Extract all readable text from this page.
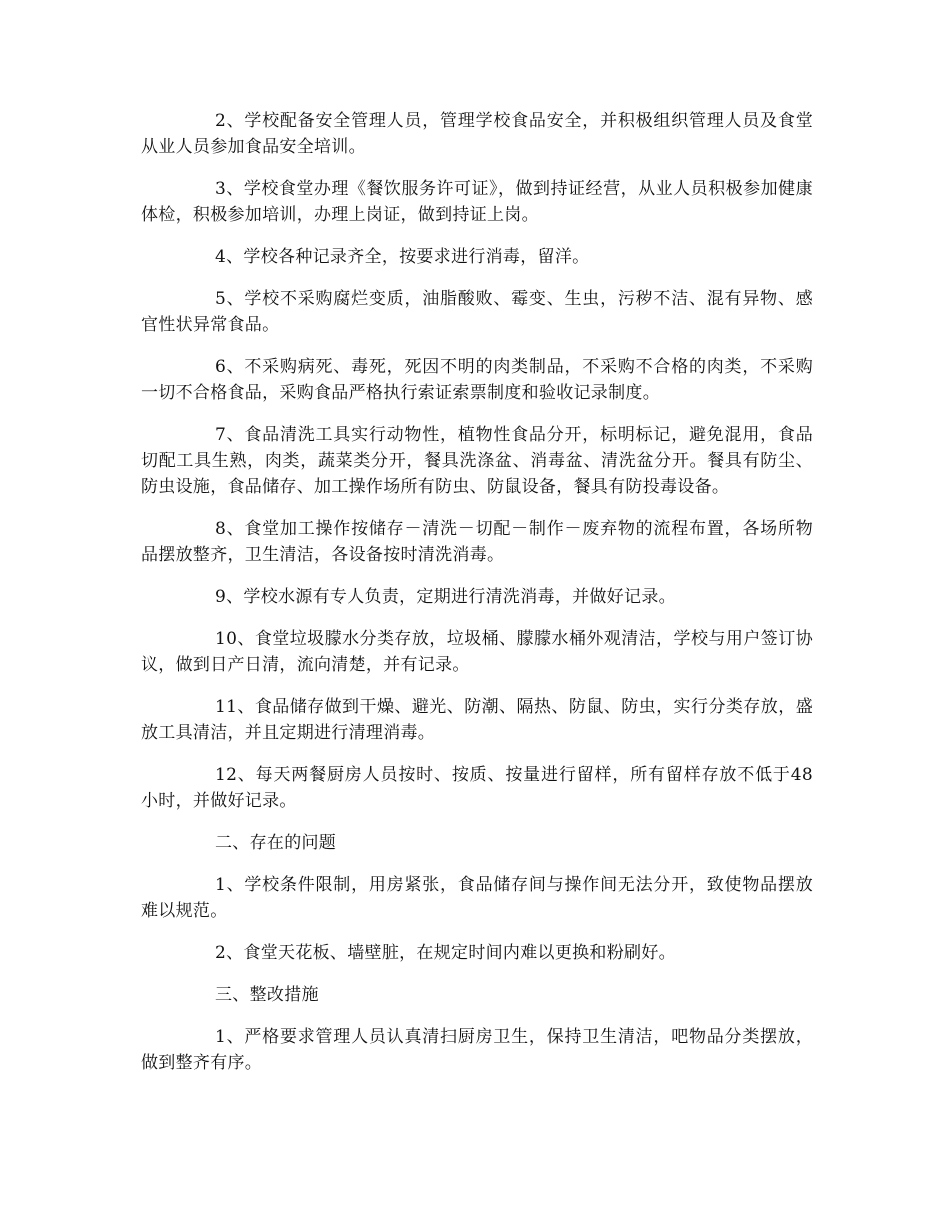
2、学校配备安全管理人员，管理学校食品安全，并积极组织管理人员及食堂从业人员参加食品安全培训。

3、学校食堂办理《餐饮服务许可证》，做到持证经营，从业人员积极参加健康体检，积极参加培训，办理上岗证，做到持证上岗。

4、学校各种记录齐全，按要求进行消毒，留洋。

5、学校不采购腐烂变质，油脂酸败、霉变、生虫，污秽不洁、混有异物、感官性状异常食品。

6、不采购病死、毒死，死因不明的肉类制品，不采购不合格的肉类，不采购一切不合格食品，采购食品严格执行索证索票制度和验收记录制度。

7、食品清洗工具实行动物性，植物性食品分开，标明标记，避免混用，食品切配工具生熟，肉类，蔬菜类分开，餐具洗涤盆、消毒盆、清洗盆分开。餐具有防尘、防虫设施，食品储存、加工操作场所有防虫、防鼠设备，餐具有防投毒设备。

8、食堂加工操作按储存－清洗－切配－制作－废弃物的流程布置，各场所物品摆放整齐，卫生清洁，各设备按时清洗消毒。

9、学校水源有专人负责，定期进行清洗消毒，并做好记录。

10、食堂垃圾朦水分类存放，垃圾桶、朦朦水桶外观清洁，学校与用户签订协议，做到日产日清，流向清楚，并有记录。

11、食品储存做到干燥、避光、防潮、隔热、防鼠、防虫，实行分类存放，盛放工具清洁，并且定期进行清理消毒。

12、每天两餐厨房人员按时、按质、按量进行留样，所有留样存放不低于48小时，并做好记录。

二、存在的问题

1、学校条件限制，用房紧张，食品储存间与操作间无法分开，致使物品摆放难以规范。

2、食堂天花板、墙壁脏，在规定时间内难以更换和粉刷好。

三、整改措施

1、严格要求管理人员认真清扫厨房卫生，保持卫生清洁，吧物品分类摆放，做到整齐有序。
